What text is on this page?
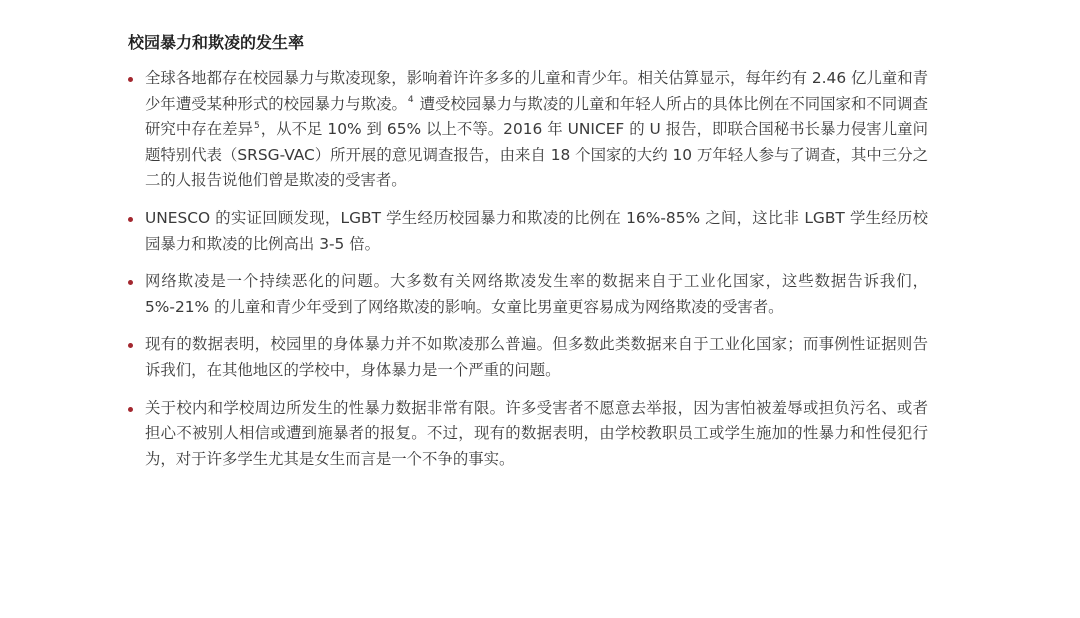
校园暴力和欺凌的发生率
全球各地都存在校园暴力与欺凌现象，影响着许许多多的儿童和青少年。相关估算显示，每年约有 2.46 亿儿童和青少年遭受某种形式的校园暴力与欺凌。$^4$ 遭受校园暴力与欺凌的儿童和年轻人所占的具体比例在不同国家和不同调查研究中存在差异$^5$，从不足 10% 到 65% 以上不等。2016 年 UNICEF 的 U 报告，即联合国秘书长暴力侵害儿童问题特别代表（SRSG-VAC）所开展的意见调查报告，由来自 18 个国家的大约 10 万年轻人参与了调查，其中三分之二的人报告说他们曾是欺凌的受害者。
UNESCO 的实证回顾发现，LGBT 学生经历校园暴力和欺凌的比例在 16%-85% 之间，这比非 LGBT 学生经历校园暴力和欺凌的比例高出 3-5 倍。
网络欺凌是一个持续恶化的问题。大多数有关网络欺凌发生率的数据来自于工业化国家，这些数据告诉我们，5%-21% 的儿童和青少年受到了网络欺凌的影响。女童比男童更容易成为网络欺凌的受害者。
现有的数据表明，校园里的身体暴力并不如欺凌那么普遍。但多数此类数据来自于工业化国家；而事例性证据则告诉我们，在其他地区的学校中，身体暴力是一个严重的问题。
关于校内和学校周边所发生的性暴力数据非常有限。许多受害者不愿意去举报，因为害怕被羞辱或担负污名、或者担心不被别人相信或遭到施暴者的报复。不过，现有的数据表明，由学校教职员工或学生施加的性暴力和性侵犯行为，对于许多学生尤其是女生而言是一个不争的事实。
